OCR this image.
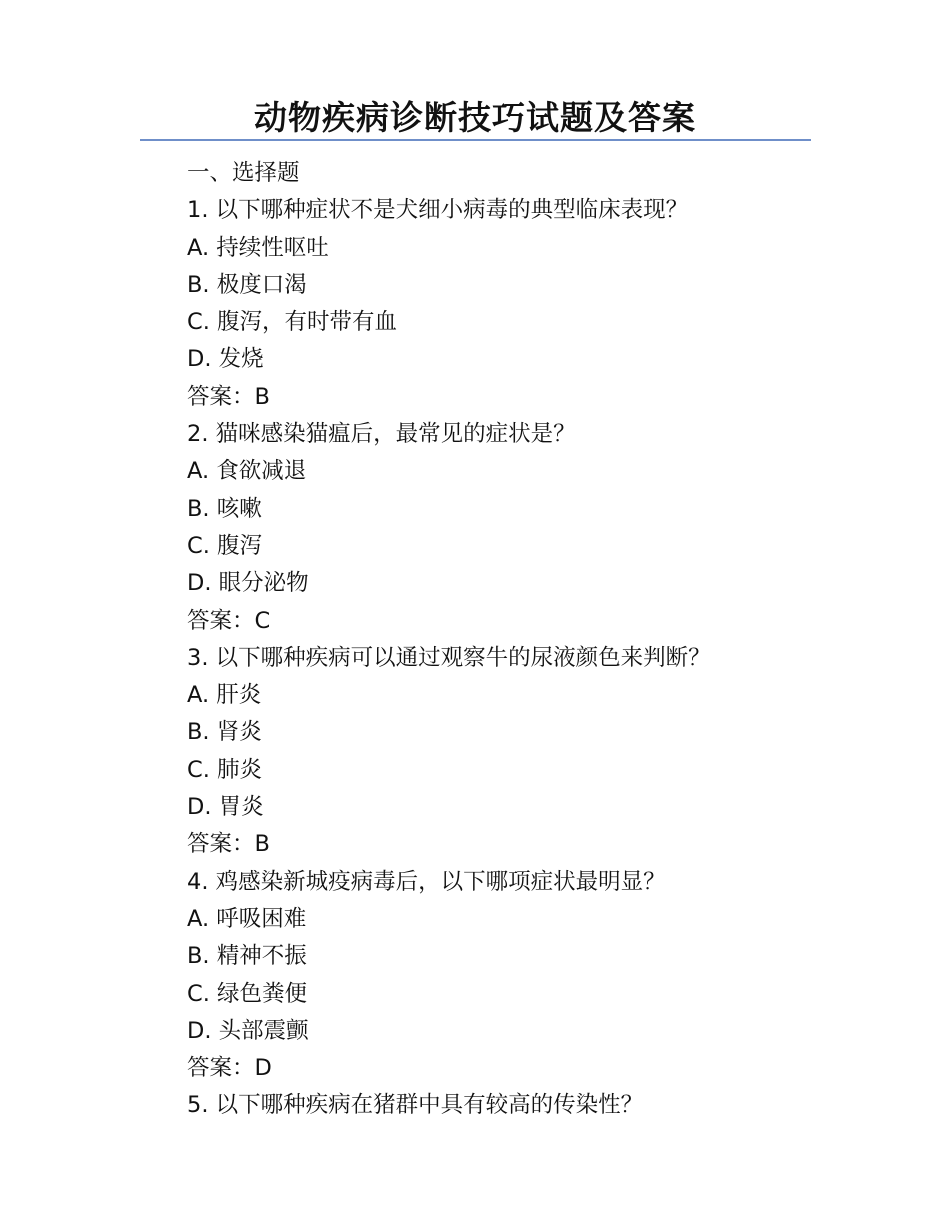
动物疾病诊断技巧试题及答案
一、选择题
1. 以下哪种症状不是犬细小病毒的典型临床表现？
A. 持续性呕吐
B. 极度口渴
C. 腹泻，有时带有血
D. 发烧
答案：B
2. 猫咪感染猫瘟后，最常见的症状是？
A. 食欲减退
B. 咳嗽
C. 腹泻
D. 眼分泌物
答案：C
3. 以下哪种疾病可以通过观察牛的尿液颜色来判断？
A. 肝炎
B. 肾炎
C. 肺炎
D. 胃炎
答案：B
4. 鸡感染新城疫病毒后，以下哪项症状最明显？
A. 呼吸困难
B. 精神不振
C. 绿色粪便
D. 头部震颤
答案：D
5. 以下哪种疾病在猪群中具有较高的传染性？
